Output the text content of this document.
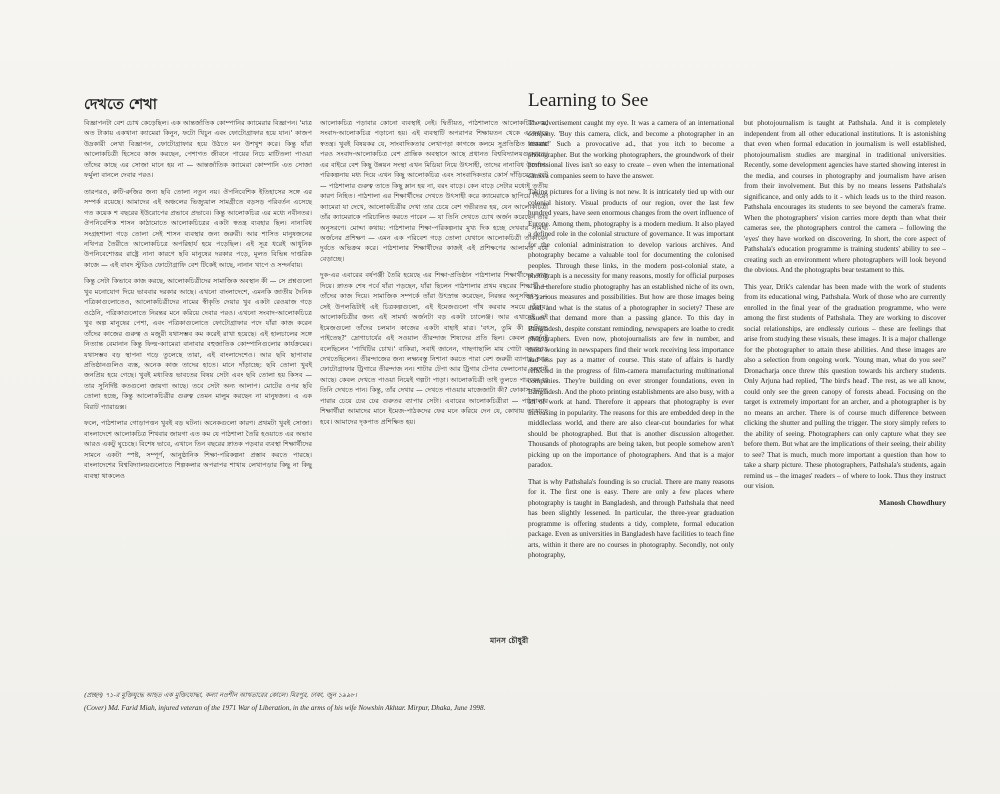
দেখতে শেখা	Learning to See

বিজ্ঞাপনটা বেশ চোখ কেড়েছিল। এক আন্তর্জাতিক কোম্পানির ক্যামেরার বিজ্ঞাপন। 'মাত্র অত টাকায় একখানা ক্যামেরা কিনুন, ফটো খিচুন এবং ফোটোগ্রাফার হয়ে যান।' কাজপ উদ্রকারী লেখা বিজ্ঞাপন, ফোটোগ্রাফার হয়ে উঠতে মন উশখুশ করে। কিন্তু যাঁরা আলোকচিত্রী হিসেবে কাজ করছেন, পেশাগত জীবনে পায়ের নিচে মাটিতলা পাওয়া তাঁদের কাছে এর সোজা মানে হয় না — আন্তর্জাতিক ক্যামেরা কোম্পানি এত সোজা ফর্মুলা বানলে দেবার পরও।

তারপরও, রুটি-রুজির জন্য ছবি তোলা নতুন নয়। ঔপনিবেশিক ইতিহাসের সঙ্গে এর সম্পর্ক রয়েছে। আমাদের এই অঞ্চলের ভিজ্যুয়াল সামগ্রীতে বড়সড় পরিবর্তন এসেছে গত কয়েক শ বছরের ইউরোপের প্রভাবে প্রভাবে। কিন্তু আলোকচিত্র এর মধ্যে নবীনতর। ঔপনিবেশিক শাসন কাঠামোতে আলোকচিত্রের একটা স্বতন্ত্র ব্যবহার ছিল। নানাবিধ সংগ্রহশালা গড়ে তোলা সেই শাসন ব্যবস্থার জন্য জরুরী। আর শাসিত মানুষজনের নথিপত্র তৈরীতে আলোকচিত্রে অপরিহার্য হয়ে পড়েছিল। এই সূত্র ধরেই আধুনিক উপনিবেশোত্তর রাষ্ট্রে নানা কারণে ছবি মানুষের দরকার পড়ে, মূলত বিভিন্ন দাপ্তরিক কাজে — এই বাবদ স্টুডিও ফোটোগ্রাফি বেশ টিকেই আছে, নানান খাপে ও সন্দর্নবায়।

কিন্তু সেটা কিভাবে কাজ করছে, আলোকচিত্রীদের সামাজিক অবস্থান কী — সে প্রশ্নগুলো খুব মনোযোগ দিয়ে ভাববার দরকার আছে। এখনো বাংলাদেশে, এমনকি জাতীয় দৈনিক পত্রিকাগুলোতেও, আলোকচিত্রীদের নামের স্বীকৃতি দেয়ার খুব একটা রেওয়াজ গড়ে ওঠেনি, পত্রিকাগুলোতে নিরন্তর মনে করিয়ে দেবার পরও। এখনো সংবাদ-আলোকচিত্রে খুব অল্প মানুষের পেশা, এবং পত্রিকাগুলোতে ফোটোগ্রাফার পদে যাঁরা কাজ করেন তাঁদের কাজের গুরুত্ব ও মজুরী যথাসম্ভব কম করেই রাখা হয়েছে। এই হালচালের সঙ্গে নিত্যান্ত বেমানান কিন্তু ফিল্ম-ক্যামেরা বানাবার বহুজাতিক কোম্পানিগুলোর কার্যক্রমের। যথাসম্ভব বড় স্থাপনা গড়ে তুলেছে তারা, এই বাংলাদেশেও। আর ছবি ছাপাবার প্রতিষ্ঠানগুলিও ব্যস্ত, অনেক কাজ তাদের হাতে। মানে দাঁড়াচ্ছে: ছবি তোলা খুবই জনপ্রিয় হয়ে গেছে। খুবই মধ্যবিত্ত ভাবতের বিষয় সেটা এবং ছবি তোলা হয় কিসব — তার সুনির্দিষ্ট কতগুলো জায়গা আছে। তবে সেটা অন্য আলাপ। মোটের ওপর ছবি তোলা হচ্ছে, কিন্তু আলোকচিত্রীর গুরুত্ব তেমন মালুম করছেন না মানুষজন। এ এক বিরাট প্যারাডক্স।

ফলে, পাঠশালার গোড়াপত্তন খুবই বড় ঘটনা। অনেকগুলো কারণ। প্রথমটা খুবই সোজা। বাংলাদেশে আলোকচিত্র শিখবার জায়গা এত কম যে পাঠশালা তৈরি হওয়াতে এর অভাব আরও একটু ঘুচেছে। বিশেষ ভাবে, এখানে তিন বছরের স্নাতক পড়বার ব্যবস্থা শিক্ষার্থীদের সামনে একটা স্পষ্ট, সম্পূর্ণ, আনুষ্ঠানিক শিক্ষা-পরিকল্পনা প্রস্তাব করতে পারছে। বাংলাদেশের বিশ্ববিদ্যালয়গুলোতে শিল্পকলার অপরাপর শাখায় লেখাপড়ার কিছু না কিছু ব্যবস্থা থাকলেও

আলোকচিত্র পড়াবার কোনো ব্যবস্থাই নেই। দ্বিতীয়ত, পাঠশালাতে আলোকচিত্র নয়, সংবাদ-আলোকচিত্র পড়ানো হয়। এই ব্যবস্থাটি অপরাপর শিক্ষায়তন থেকে একেবারে স্বতন্ত্র। খুবই বিষয়কর যে, সাংবাদিকতার লেখাপড়া কাগজে কলমে সুপ্রতিষ্ঠিত থাকবার পরও সংবাদ-আলোকচিত্র বেশ প্রান্তিক অবস্থানে আছে প্রধানত বিশ্ববিদ্যালয়গুলোতে। এর বাইরে বেশ কিছু উন্নয়ন সংস্থা এখন মিডিয়া নিয়ে উৎসাহী, তাদের নানাবিধ উদ্যোগ-পরিকল্পনায় মধ্য দিয়ে এখন কিছু আলোকচিত্র এবং সাংবাদিকতার কোর্স দাঁড়িয়েছে বটে — পাঠশালার গুরুত্ব তাতে কিছু ম্লান হয় না, বরং বাড়ে। কেন বাড়ে সেটার মধ্যেই তৃতীয় কারণ নিহিত। পাঠশালা এর শিক্ষার্থীদের দেখতে উৎসাহী করে ক্যামেরাকে ছাপিয়ে গিয়ে। ক্যামেরা যা দেখে, আলোকচিত্রীর দেখা তার চেয়ে বেশ গভীরতর হয়, যেন আলোকচিত্রী তাঁর ক্যামেরাকে পরিচালিত করতে পারেন — যা তিনি দেখতে চোখ অর্জন করেছেন তার অনুসরণে। মোদ্দা কথায়: পাঠশালার শিক্ষা-পরিকল্পনার মুখ্য দিক হচ্ছে দেখবার সামর্থ্য অর্জনের প্রশিক্ষণ — এমন এক পরিবেশ গড়ে তোলা যেখানে আলোকচিত্রী তাকাবেন দুর্বতে অভিক্রম করে। পাঠশালার শিক্ষার্থীদের কাজই এই প্রশিক্ষণের আলামত বয়ে বেড়াচ্ছে।

দুক-এর এবারের বর্ষপঞ্জী তৈরি হয়েছে এর শিক্ষা-প্রতিষ্ঠান পাঠশালার শিক্ষার্থীদের কাজ দিয়ে। স্নাতক শেষ পর্বে যাঁরা পড়ছেন, যাঁরা ছিলেন পাঠশালার প্রথম বছরের শিক্ষার্থী — তাঁদের কাজ দিয়ে। সামাজিক সম্পর্কে তাঁরা উৎস্রান্ত করেছেন, নিরন্তর অনুসন্ধিৎসু — সেই উপলব্ধিটাই এই চিত্রকল্পগুলো, এই ইমেজগুলো গাঁথ করবার সময়ে দাঁড়ায়। আলোকচিত্রীর জন্য এই সামর্থ্য অর্জনটা বড় একটা চ্যালেঞ্জ। আর এখানেই এই ইমেজগুলো তাঁদের চলমান কাজের একটা বাহাই মাত্র। 'বৎস, তুমি কী দেখিতে পাইতেছ?' দ্রোণাচার্যের এই সওয়াল তীরন্দাজ শিষ্যদের প্রতি ছিল। কেবল অর্জুনই বলেছিলেন 'পাখিটির চোখ।' বাকিরা, সবাই জানেন, গাছগাছালি মায় গোটা বনবাদাড় দেখতেছিলেন। তীরন্দাজের জন্য লক্ষ্যবস্তু নিশানা করতে পারা বেশ জরুরী ব্যাপার, আর ফোটোগ্রাফার ট্রিগারে তীরন্দাজ নন। শাটার টেপা আর ট্রিগার টেপার ফেলানোর অবশ্যই আছে। কেবল দেখতে পাওয়া নিয়েই গল্পটা পাড়া। আলোকচিত্রী তাই তুলতে পারবেন যা তিনি দেখতে পান। কিন্তু, তাঁর দেখার — দেখতে পাওয়ার মাজেজাটা কী? ফোকাস করতে পারার চেয়ে ঢের ঢের গুরুতর ব্যাপার সেটা। এবারের আলোকচিত্রীরা — পাঠশালার শিক্ষার্থীরা আমাদের মানে ইমেজ-পাঠকদের ফের মনে করিয়ে দেন যে, কোথায় তাকাতে হবে। আমাদের দৃকপাত প্রশিক্ষিত হয়।

মানস চৌধুরী

The advertisement caught my eye. It was a camera of an international company. 'Buy this camera, click, and become a photographer in an instant!' Such a provocative ad., that you itch to become a photographer. But the working photographers, the groundwork of their professional lives isn't so easy to create – even when the international camera companies seem to have the answer.

Taking pictures for a living is not new. It is intricately tied up with our colonial history. Visual products of our region, over the last few hundred years, have seen enormous changes from the overt influence of Europe. Among them, photography is a modern medium. It also played a defined role in the colonial structure of governance. It was important for the colonial administration to develop various archives. And photography became a valuable tool for documenting the colonised peoples. Through these links, in the modern post-colonial state, a photograph is a necessity for many reasons, mostly for official purposes – and therefore studio photography has an established niche of its own, in various measures and possibilities. But how are those images being used, and what is the status of a photographer in society? These are issues that demand more than a passing glance. To this day in Bangladesh, despite constant reminding, newspapers are loathe to credit photographers. Even now, photojournalists are few in number, and those working in newspapers find their work receiving less importance and less pay as a matter of course. This state of affairs is hardly reflected in the progress of film-camera manufacturing multinational companies. They're building on ever stronger foundations, even in Bangladesh. And the photo printing establishments are also busy, with a lot of work at hand. Therefore it appears that photography is ever increasing in popularity. The reasons for this are embedded deep in the middleclass world, and there are also clear-cut boundaries for what should be photographed. But that is another discussion altogether. Thousands of photographs are being taken, but people somehow aren't picking up on the importance of photographers. And that is a major paradox.

That is why Pathshala's founding is so crucial. There are many reasons for it. The first one is easy. There are only a few places where photography is taught in Bangladesh, and through Pathshala that need has been slightly lessened. In particular, the three-year graduation programme is offering students a tidy, complete, formal education package. Even as universities in Bangladesh have facilities to teach fine arts, within it there are no courses in photography. Secondly, not only photography,

but photojournalism is taught at Pathshala. And it is completely independent from all other educational institutions. It is astonishing that even when formal education in journalism is well established, photojournalism studies are marginal in traditional universities. Recently, some development agencies have started showing interest in the media, and courses in photography and journalism have arisen from their involvement. But this by no means lessens Pathshala's significance, and only adds to it - which leads us to the third reason. Pathshala encourages its students to see beyond the camera's frame. When the photographers' vision carries more depth than what their cameras see, the photographers control the camera – following the 'eyes' they have worked on discovering. In short, the core aspect of Pathshala's education programme is training students' ability to see – creating such an environment where photographers will look beyond the obvious. And the photographs bear testament to this.

This year, Drik's calendar has been made with the work of students from its educational wing, Pathshala. Work of those who are currently enrolled in the final year of the graduation programme, who were among the first students of Pathshala. They are working to discover social relationships, are endlessly curious – these are feelings that arise from studying these visuals, these images. It is a major challenge for the photographer to attain these abilities. And these images are also a selection from ongoing work. 'Young man, what do you see?' Dronacharja once threw this question towards his archery students. Only Arjuna had replied, 'The bird's head'. The rest, as we all know, could only see the green canopy of forests ahead. Focusing on the target is extremely important for an archer, and a photographer is by no means an archer. There is of course much difference between clicking the shutter and pulling the trigger. The story simply refers to the ability of seeing. Photographers can only capture what they see before them. But what are the implications of their seeing, their ability to see? That is much, much more important a question than how to take a sharp picture. These photographers, Pathshala's students, again remind us – the images' readers – of where to look. Thus they instruct our vision.

Manosh Chowdhury
(প্রচ্ছদ) ৭১-র মুক্তিযুদ্ধে আহত এক মুক্তিযোদ্ধা, কন্যা নওশীন আখতারের কোলে। মিরপুর, ঢাকা, জুন ১৯৯৮।
(Cover) Md. Farid Miah, injured veteran of the 1971 War of Liberation, in the arms of his wife Nowshin Akhtar. Mirpur, Dhaka, June 1998.
